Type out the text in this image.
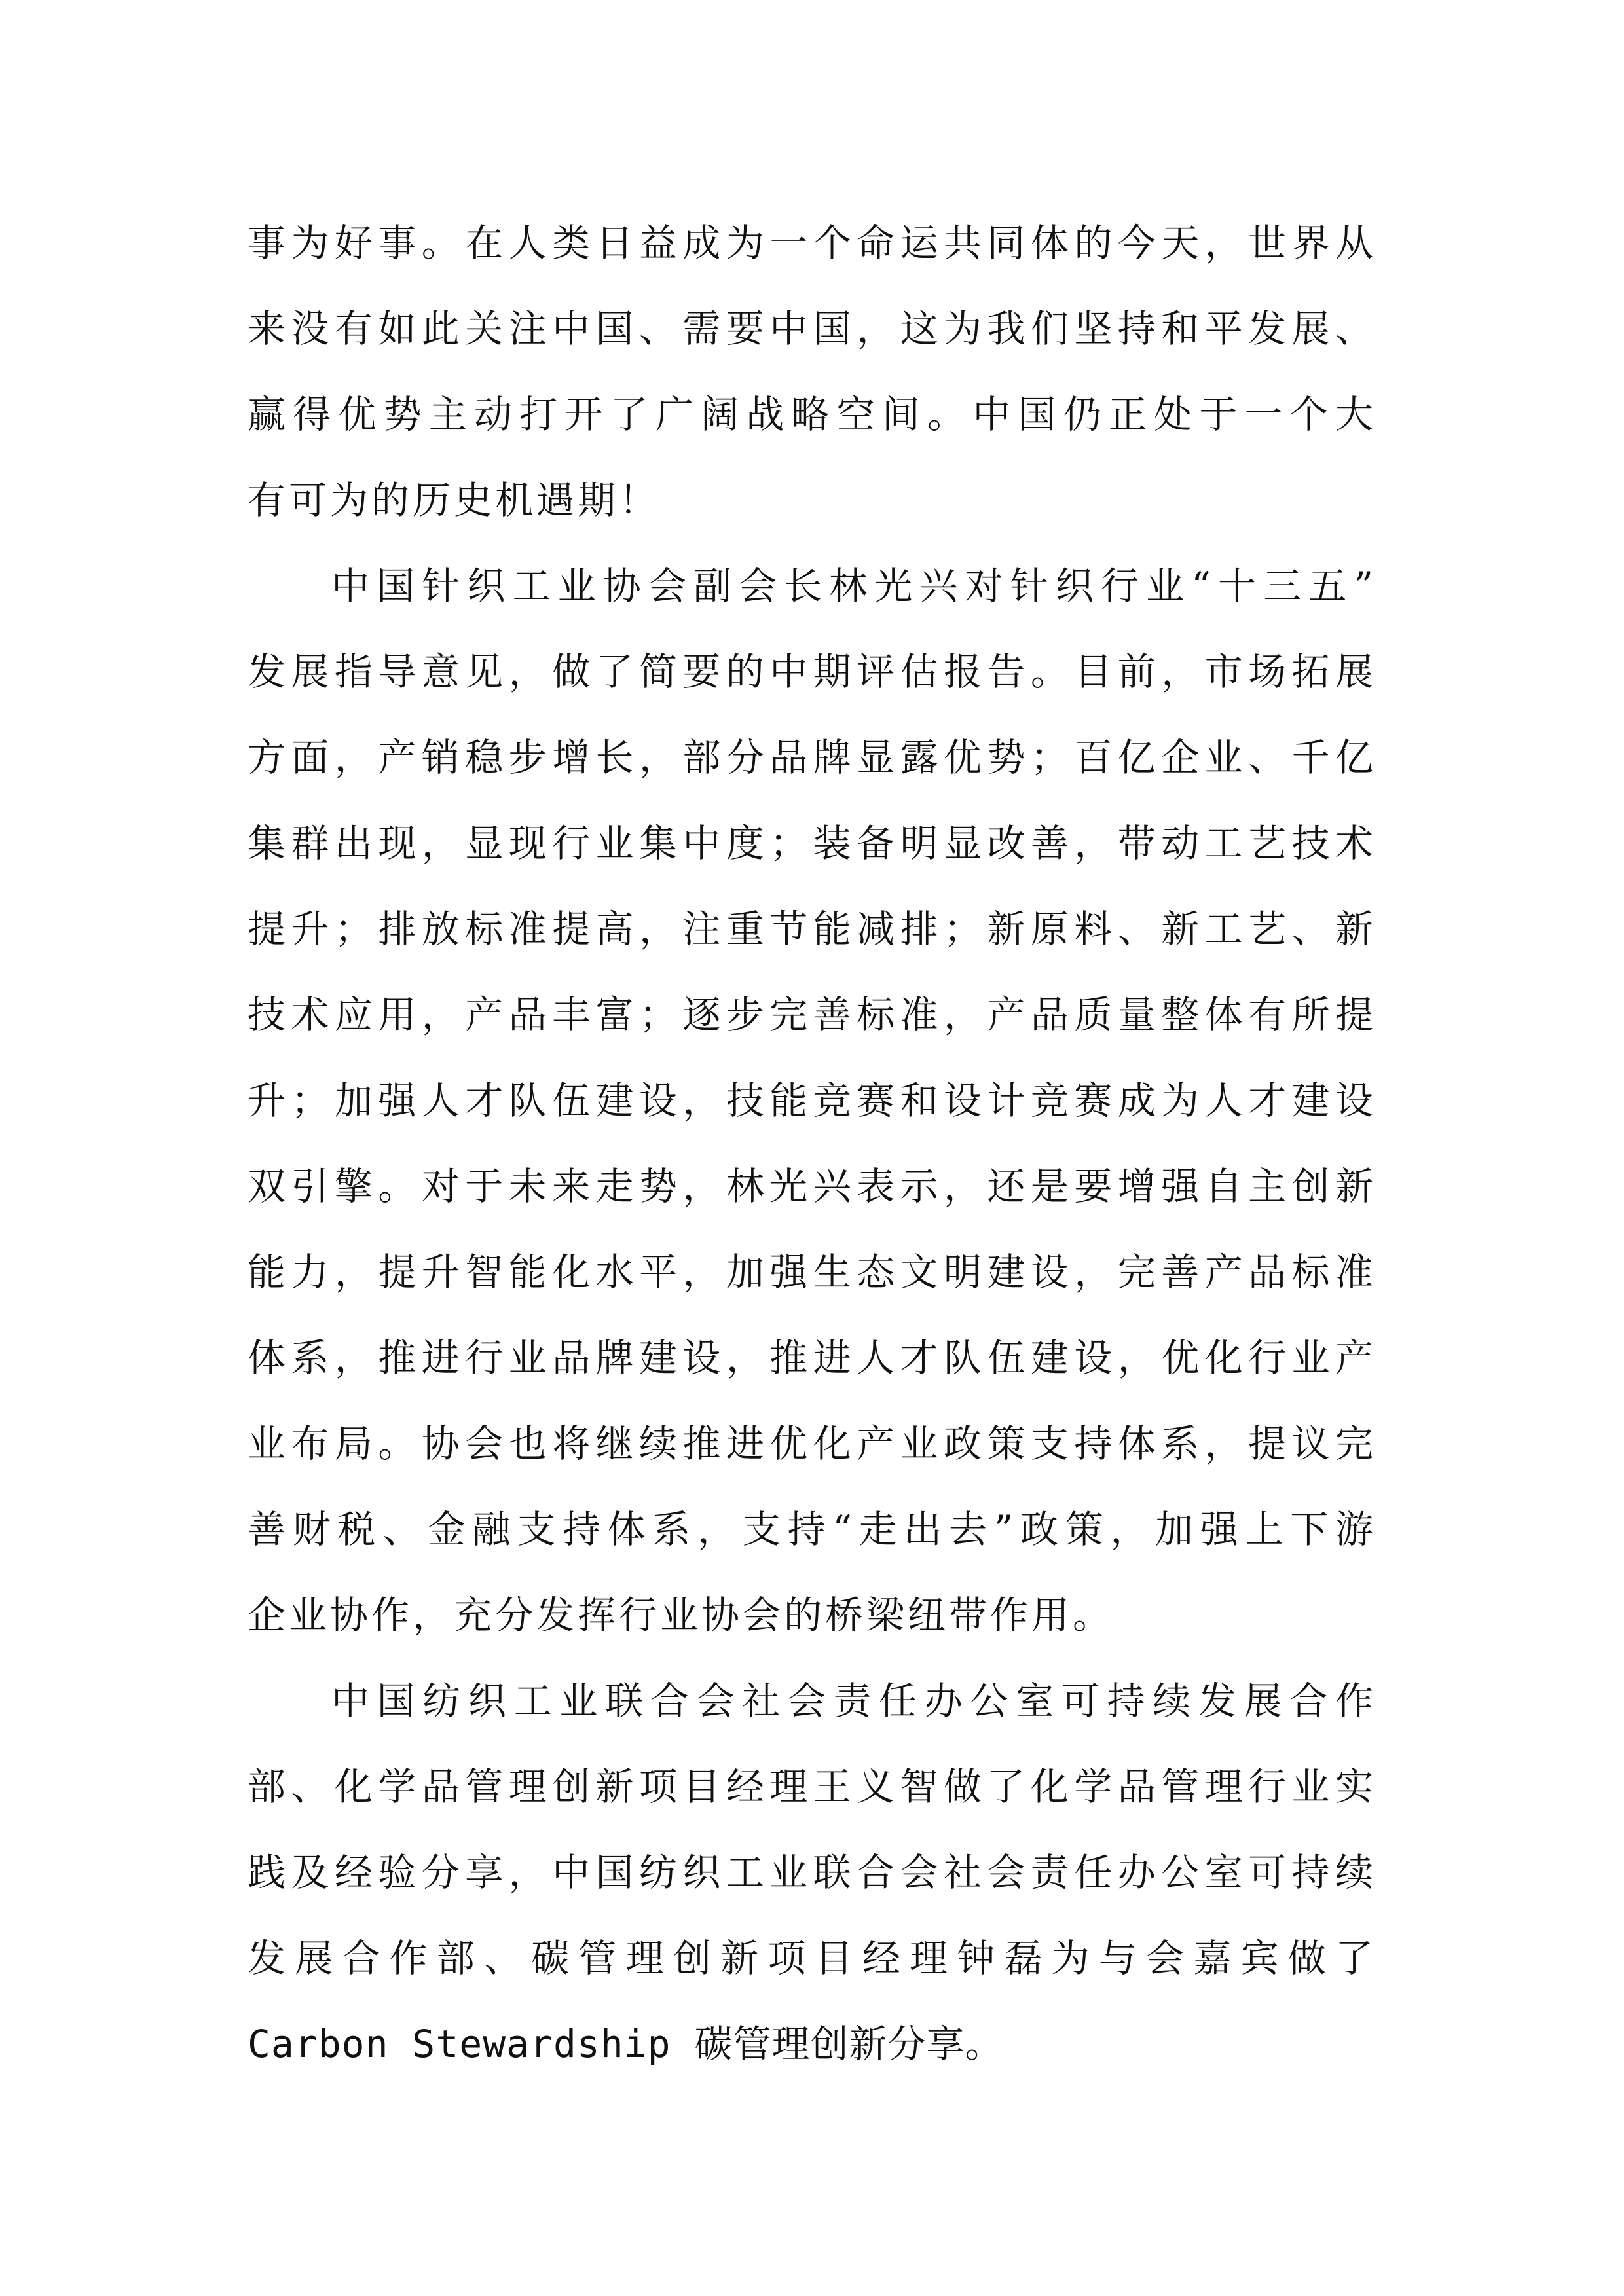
事为好事。在人类日益成为一个命运共同体的今天，世界从
来没有如此关注中国、需要中国，这为我们坚持和平发展、
赢得优势主动打开了广阔战略空间。中国仍正处于一个大
有可为的历史机遇期！
中国针织工业协会副会长林光兴对针织行业“十三五”
发展指导意见，做了简要的中期评估报告。目前，市场拓展
方面，产销稳步增长，部分品牌显露优势；百亿企业、千亿
集群出现，显现行业集中度；装备明显改善，带动工艺技术
提升；排放标准提高，注重节能减排；新原料、新工艺、新
技术应用，产品丰富；逐步完善标准，产品质量整体有所提
升；加强人才队伍建设，技能竞赛和设计竞赛成为人才建设
双引擎。对于未来走势，林光兴表示，还是要增强自主创新
能力，提升智能化水平，加强生态文明建设，完善产品标准
体系，推进行业品牌建设，推进人才队伍建设，优化行业产
业布局。协会也将继续推进优化产业政策支持体系，提议完
善财税、金融支持体系，支持“走出去”政策，加强上下游
企业协作，充分发挥行业协会的桥梁纽带作用。
中国纺织工业联合会社会责任办公室可持续发展合作
部、化学品管理创新项目经理王义智做了化学品管理行业实
践及经验分享，中国纺织工业联合会社会责任办公室可持续
发展合作部、碳管理创新项目经理钟磊为与会嘉宾做了
Carbon Stewardship 碳管理创新分享。
